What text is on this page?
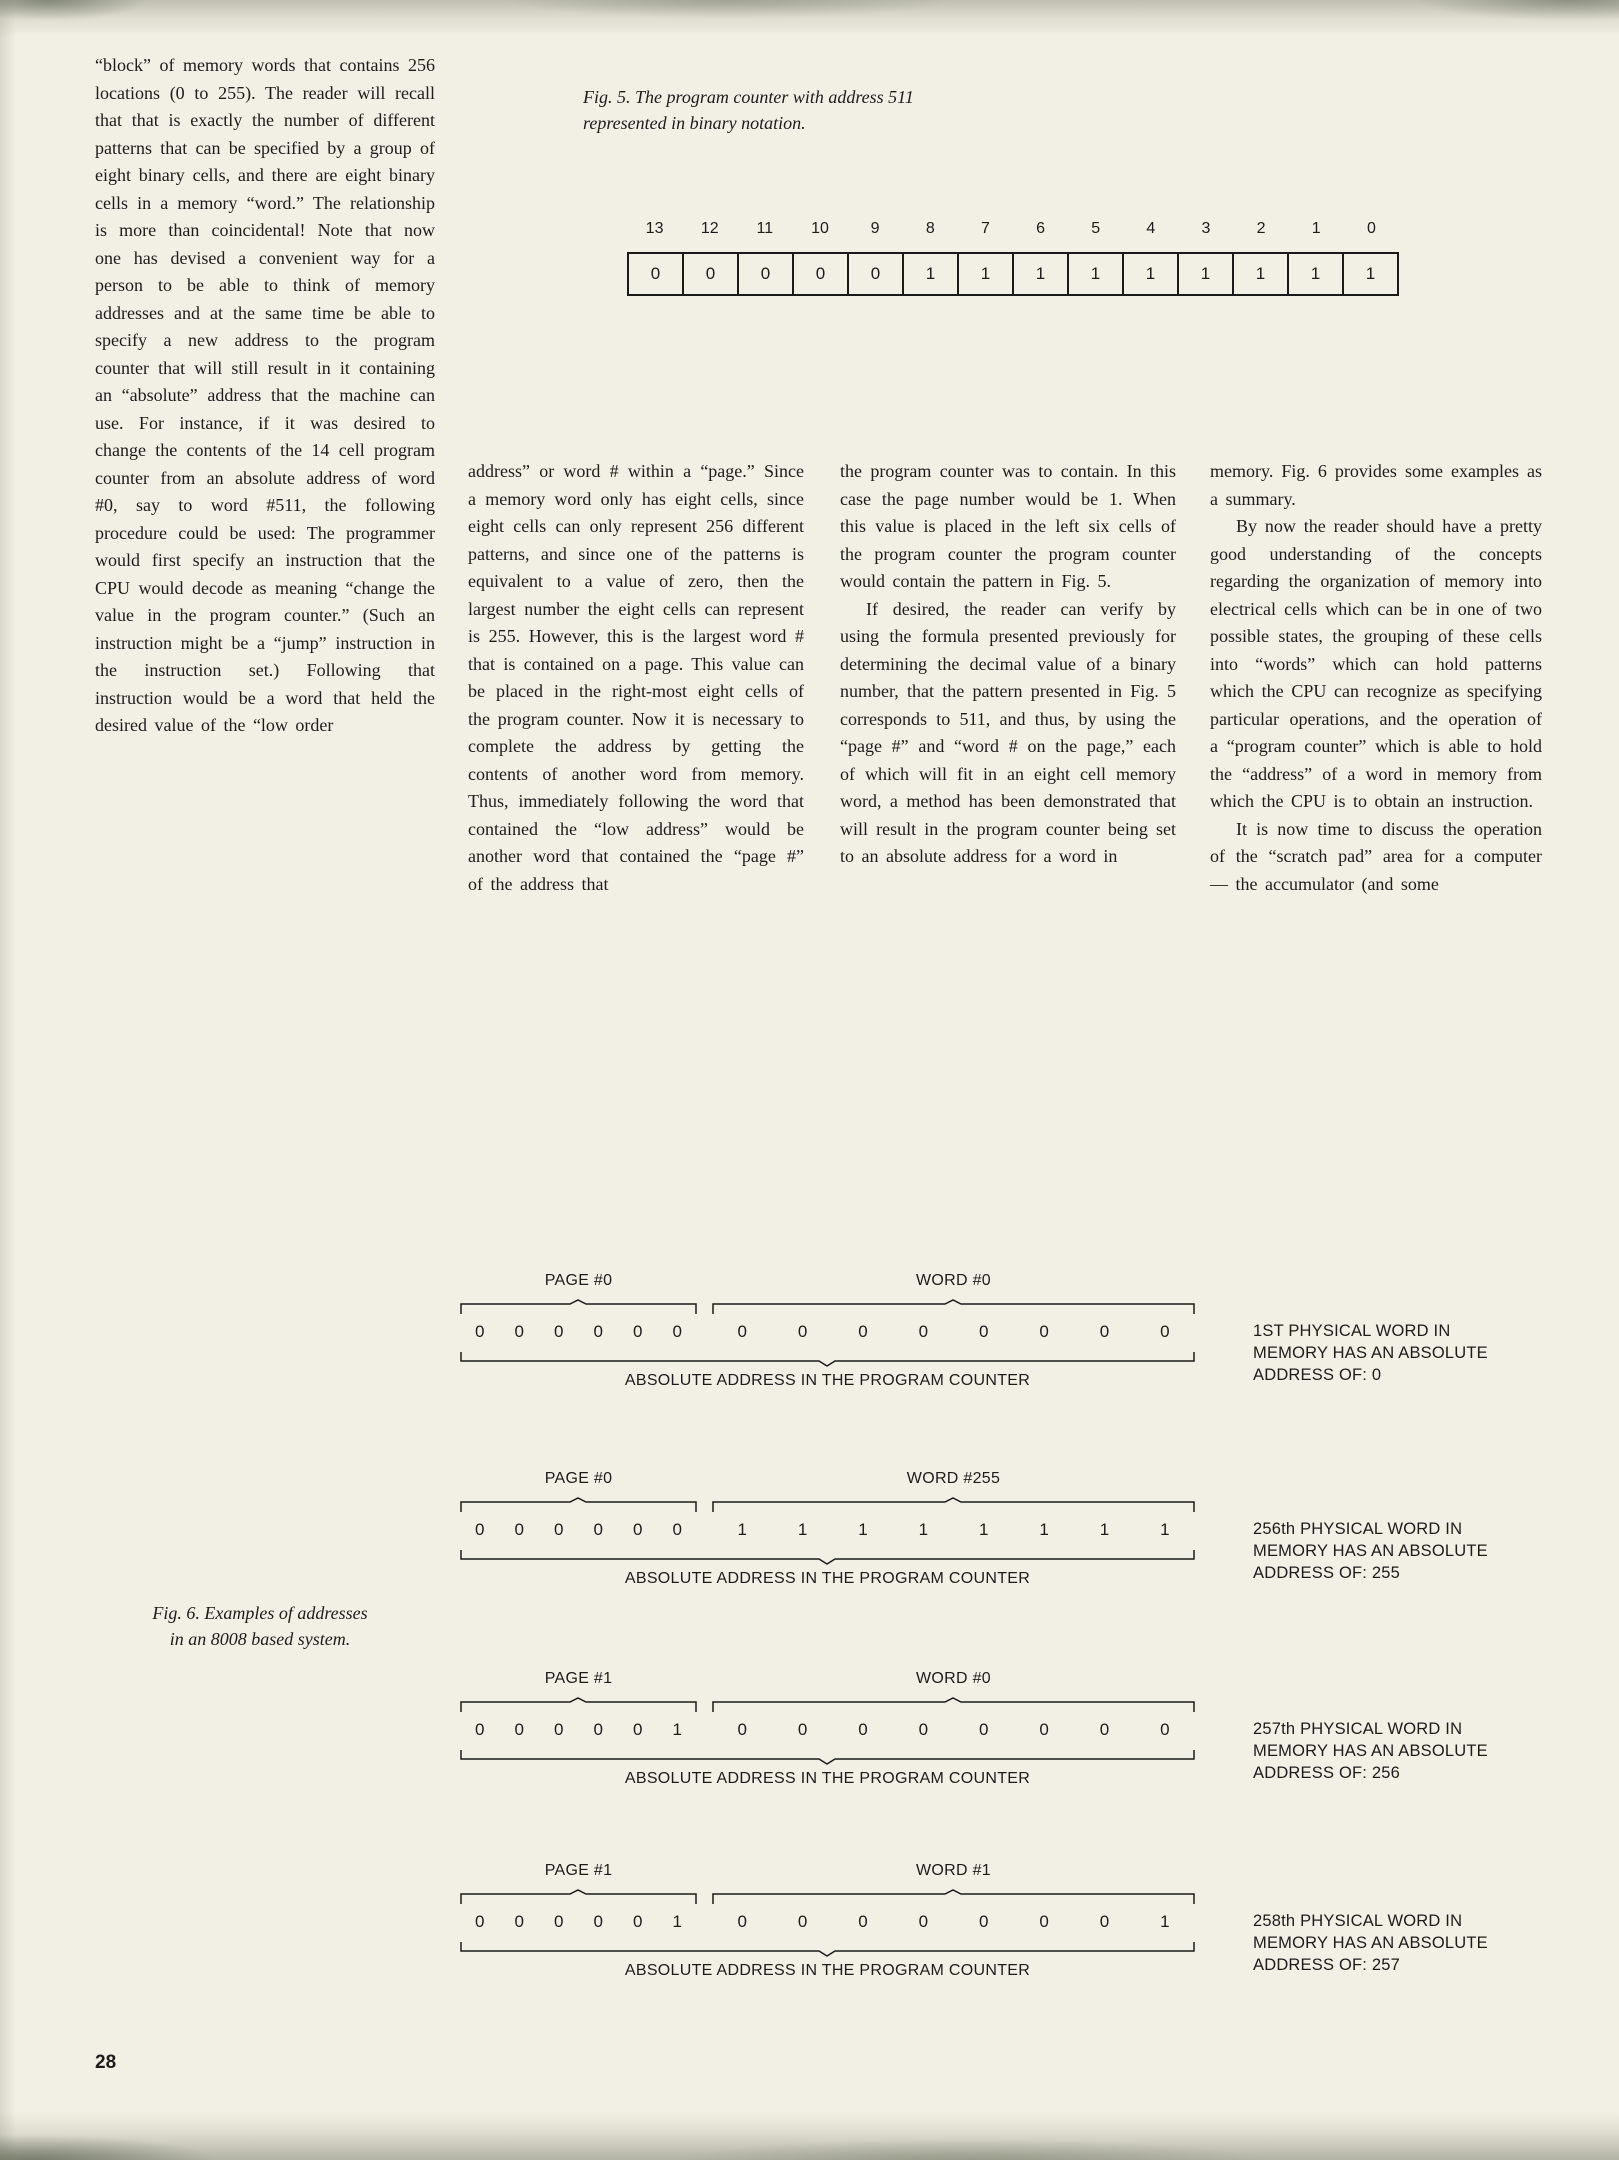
“block” of memory words that contains 256 locations (0 to 255). The reader will recall that that is exactly the number of different patterns that can be specified by a group of eight binary cells, and there are eight binary cells in a memory “word.” The relationship is more than coincidental! Note that now one has devised a convenient way for a person to be able to think of memory addresses and at the same time be able to specify a new address to the program counter that will still result in it containing an “absolute” address that the machine can use. For instance, if it was desired to change the contents of the 14 cell program counter from an absolute address of word #0, say to word #511, the following procedure could be used: The programmer would first specify an instruction that the CPU would decode as meaning “change the value in the program counter.” (Such an instruction might be a “jump” instruction in the instruction set.) Following that instruction would be a word that held the desired value of the “low order

address” or word # within a “page.” Since a memory word only has eight cells, since eight cells can only represent 256 different patterns, and since one of the patterns is equivalent to a value of zero, then the largest number the eight cells can represent is 255. However, this is the largest word # that is contained on a page. This value can be placed in the right-most eight cells of the program counter. Now it is necessary to complete the address by getting the contents of another word from memory. Thus, immediately following the word that contained the “low address” would be another word that contained the “page #” of the address that

the program counter was to contain. In this case the page number would be 1. When this value is placed in the left six cells of the program counter the program counter would contain the pattern in Fig. 5.

If desired, the reader can verify by using the formula presented previously for determining the decimal value of a binary number, that the pattern presented in Fig. 5 corresponds to 511, and thus, by using the “page #” and “word # on the page,” each of which will fit in an eight cell memory word, a method has been demonstrated that will result in the program counter being set to an absolute address for a word in

memory. Fig. 6 provides some examples as a summary.

By now the reader should have a pretty good understanding of the concepts regarding the organization of memory into electrical cells which can be in one of two possible states, the grouping of these cells into “words” which can hold patterns which the CPU can recognize as specifying particular operations, and the operation of a “program counter” which is able to hold the “address” of a word in memory from which the CPU is to obtain an instruction.

It is now time to discuss the operation of the “scratch pad” area for a computer — the accumulator (and some

Fig. 5. The program counter with address 511 represented in binary notation.
13	12	11	10	9	8	7	6	5	4	3	2	1	0
0	0	0	0	0	1	1	1	1	1	1	1	1	1
Fig. 6. Examples of addresses
in an 8008 based system.
PAGE #0	WORD #0
0 0 0 0 0 0	0	0	0	0	0	0	0	0
ABSOLUTE ADDRESS IN THE PROGRAM COUNTER
1ST PHYSICAL WORD IN MEMORY HAS AN ABSOLUTE ADDRESS OF: 0
PAGE #0	WORD #255
0 0 0 0 0 0	1	1	1	1	1	1	1	1
ABSOLUTE ADDRESS IN THE PROGRAM COUNTER
256th PHYSICAL WORD IN MEMORY HAS AN ABSOLUTE ADDRESS OF: 255
PAGE #1	WORD #0
0 0 0 0 0 1	0	0	0	0	0	0	0	0
ABSOLUTE ADDRESS IN THE PROGRAM COUNTER
257th PHYSICAL WORD IN MEMORY HAS AN ABSOLUTE ADDRESS OF: 256
PAGE #1	WORD #1
0 0 0 0 0 1	0	0	0	0	0	0	0	1
ABSOLUTE ADDRESS IN THE PROGRAM COUNTER
258th PHYSICAL WORD IN MEMORY HAS AN ABSOLUTE ADDRESS OF: 257
28
